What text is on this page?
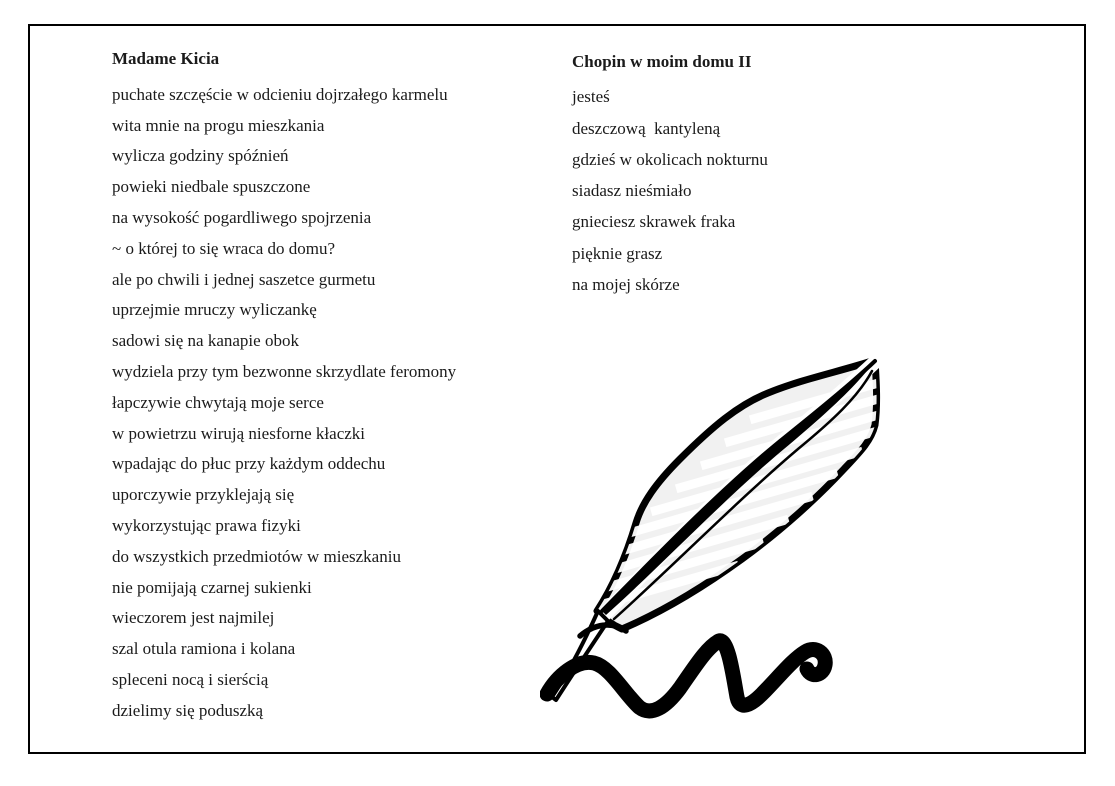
Madame Kicia
puchate szczęście w odcieniu dojrzałego karmelu
wita mnie na progu mieszkania
wylicza godziny spóźnień
powieki niedbale spuszczone
na wysokość pogardliwego spojrzenia
~ o której to się wraca do domu?
ale po chwili i jednej saszetce gurmetu
uprzejmie mruczy wyliczankę
sadowi się na kanapie obok
wydziela przy tym bezwonne skrzydlate feromony
łapczywie chwytają moje serce
w powietrzu wirują niesforne kłaczki
wpadając do płuc przy każdym oddechu
uporczywie przyklejają się
wykorzystując prawa fizyki
do wszystkich przedmiotów w mieszkaniu
nie pomijają czarnej sukienki
wieczorem jest najmilej
szal otula ramiona i kolana
spleceni nocą i sierścią
dzielimy się poduszką
Chopin w moim domu II
jesteś
deszczową  kantyleną
gdzieś w okolicach nokturnu
siadasz nieśmiało
gnieciesz skrawek fraka
pięknie grasz
na mojej skórze
